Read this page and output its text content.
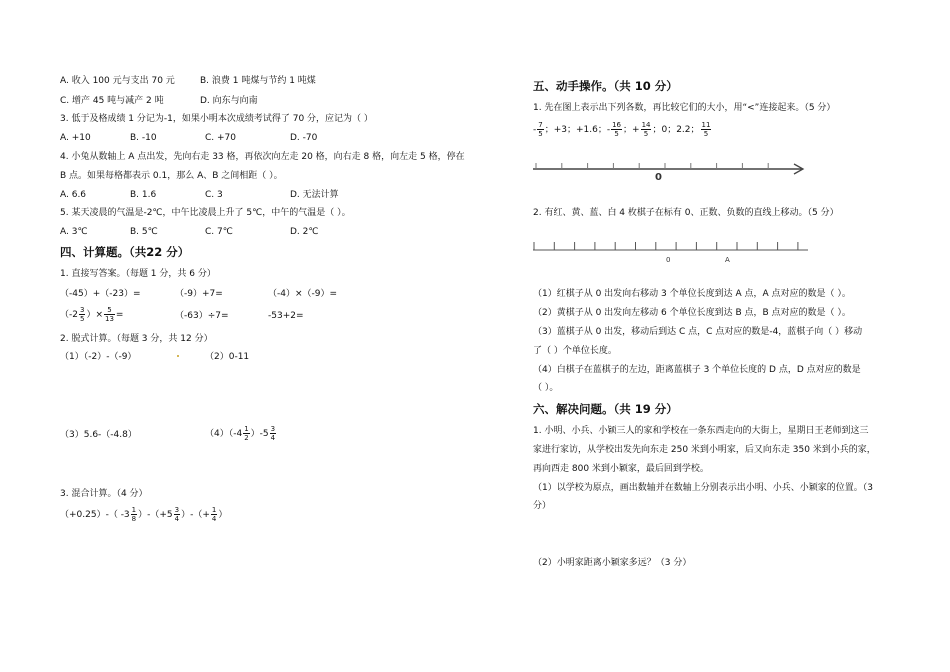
A. 收入 100 元与支出 70 元	B. 浪费 1 吨煤与节约 1 吨煤
C. 增产 45 吨与减产 2 吨	D. 向东与向南
3. 低于及格成绩 1 分记为-1，如果小明本次成绩考试得了 70 分，应记为（ ）
A. +10	B. -10	C. +70	D. -70
4. 小兔从数轴上 A 点出发，先向右走 33 格，再依次向左走 20 格，向右走 8 格，向左走 5 格，停在
B 点。如果每格都表示 0.1，那么 A、B 之间相距（ ）。
A. 6.6	B. 1.6	C. 3	D. 无法计算
5. 某天凌晨的气温是-2℃，中午比凌晨上升了 5℃，中午的气温是（ ）。
A. 3℃	B. 5℃	C. 7℃	D. 2℃
四、计算题。（共22 分）
1. 直接写答案。（每题 1 分，共 6 分）
（-45）+（-23）=	（-9）+7=	（-4）×（-9）=
（$-2 \frac{3}{5}$ ）× $\frac{5}{13}$ =	（-63）÷7=	-53+2=
2. 脱式计算。（每题 3 分，共 12 分）
（1）（-2）-（-9）	（2）0-11
（3）5.6-（-4.8）	$(4)(-4 \frac{1}{2} )-5 \frac{3}{4}$
3. 混合计算。（4 分）
（+0.25）-（ $-3 \frac{1}{8} )-(+5 \frac{3}{4}$ ）-（+ $\frac{1}{4}$ ）
五、动手操作。（共 10 分）
1. 先在图上表示出下列各数，再比较它们的大小，用“<”连接起来。（5 分）
- $\frac{7}{5}$ ；+3；+1.6；- $\frac{16}{5}$ ；+ $\frac{14}{5}$ ；0；2.2； $\frac{11}{5}$
0
2. 有红、黄、蓝、白 4 枚棋子在标有 0、正数、负数的直线上移动。（5 分）
0	A
（1）红棋子从 0 出发向右移动 3 个单位长度到达 A 点，A 点对应的数是（ ）。
（2）黄棋子从 0 出发向左移动 6 个单位长度到达 B 点，B 点对应的数是（ ）。
（3）蓝棋子从 0 出发，移动后到达 C 点，C 点对应的数是-4，蓝棋子向（ ）移动
了（ ）个单位长度。
（4）白棋子在蓝棋子的左边，距离蓝棋子 3 个单位长度的 D 点，D 点对应的数是
（ ）。
六、解决问题。（共 19 分）
1. 小明、小兵、小颖三人的家和学校在一条东西走向的大街上，星期日王老师到这三
家进行家访，从学校出发先向东走 250 米到小明家，后又向东走 350 米到小兵的家，
再向西走 800 米到小颖家，最后回到学校。
（1）以学校为原点，画出数轴并在数轴上分别表示出小明、小兵、小颖家的位置。（3
分）
（2）小明家距离小颖家多远？（3 分）
